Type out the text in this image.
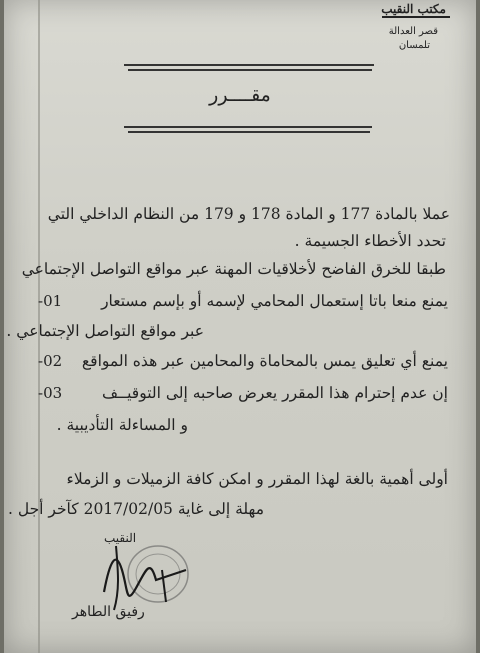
مكتب النقيب
قصر العدالة
تلمسان
مقــــرر
عملا بالمادة 177 و المادة 178 و 179 من النظام الداخلي التي
تحدد الأخطاء الجسيمة .
طبقا للخرق الفاضح لأخلاقيات المهنة عبر مواقع التواصل الإجتماعي
-01	يمنع منعا باتا إستعمال المحامي لإسمه أو بإسم مستعار
عبر مواقع التواصل الإجتماعي .
-02 يمنع أي تعليق يمس بالمحاماة والمحامين عبر هذه المواقع
-03	إن عدم إحترام هذا المقرر يعرض صاحبه إلى التوقيــف
و المساءلة التأديبية .
أولى أهمية بالغة لهذا المقرر و امكن كافة الزميلات و الزملاء
مهلة إلى غاية 2017/02/05 كآخر أجل .
النقيب
رفيق الطاهر
